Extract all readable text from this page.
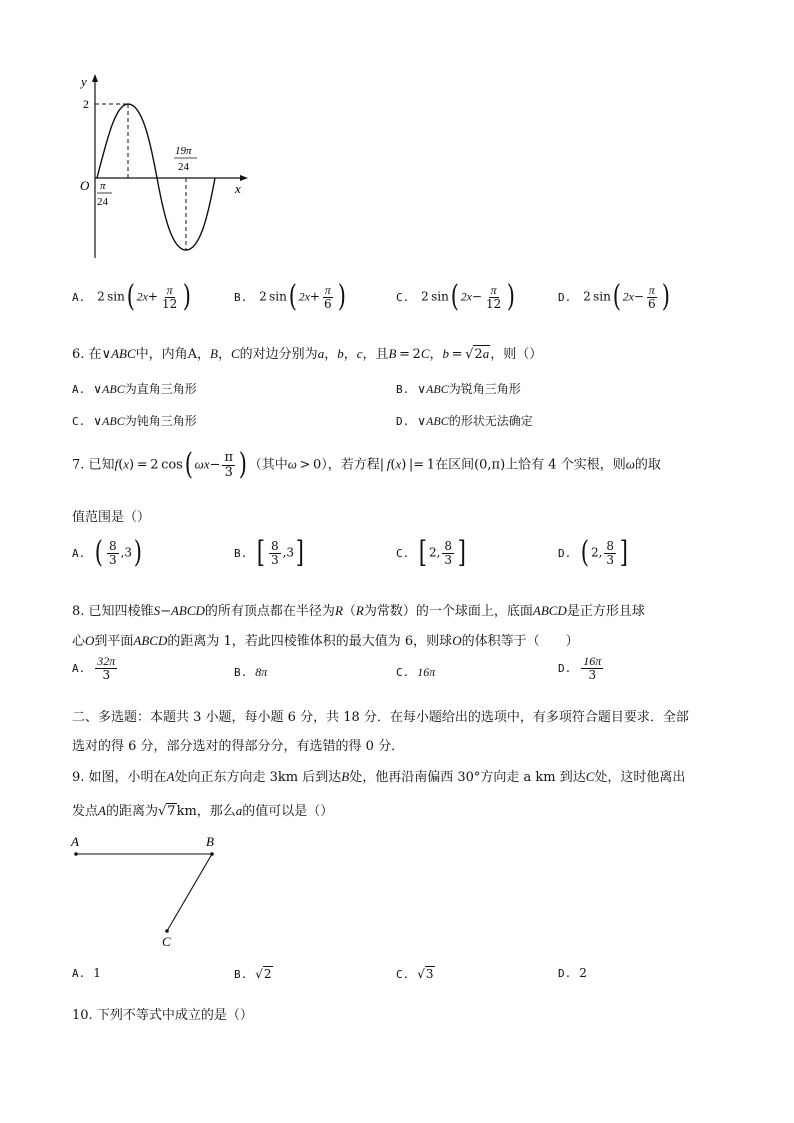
y
x
O
2
π
24
19π
24
A. 2 sin( $2x+ \frac{\pi}{12}$ )	B. 2 sin( $2x+ \frac{\pi}{6}$ )	C. 2 sin( $2x- \frac{\pi}{12}$ )	D. 2 sin( $2x- \frac{\pi}{6}$ )
6. 在∨ABC中，内角A，B，C的对边分别为a，b，c，且B = 2C，b = √ 2a ，则（）
A. ∨ABC为直角三角形	B. ∨ABC为锐角三角形
C. ∨ABC为钝角三角形	D. ∨ABC的形状无法确定
7. 已知f(x) = 2 cos( $\omega x- \frac{\pi}{3}$ ) （其中ω > 0），若方程| f(x) |= 1在区间(0,π)上恰有 4 个实根，则ω的取
值范围是（）
A. ( $\frac{8}{3} ,3$)	B. [ $\frac{8}{3} ,3$]	C. [ 2, $\frac{8}{3}$ ]	D. ( 2, $\frac{8}{3}$ ]
8. 已知四棱锥S−ABCD的所有顶点都在半径为R（R为常数）的一个球面上，底面ABCD是正方形且球
心O到平面ABCD的距离为 1，若此四棱锥体积的最大值为 6，则球O的体积等于（　　）
A. $\frac{32\pi}{3}$	B. 8π	C. 16π	D. $\frac{16\pi}{3}$
二、多选题：本题共 3 小题，每小题 6 分，共 18 分．在每小题给出的选项中，有多项符合题目要求．全部
选对的得 6 分，部分选对的得部分分，有选错的得 0 分．
9. 如图，小明在A处向正东方向走 3km 后到达B处，他再沿南偏西 30°方向走 a km 到达C处，这时他离出
发点A的距离为√ 7 km，那么a的值可以是（）
A	B
C
A. 1	B. √ 2	C. √ 3	D. 2
10. 下列不等式中成立的是（）
